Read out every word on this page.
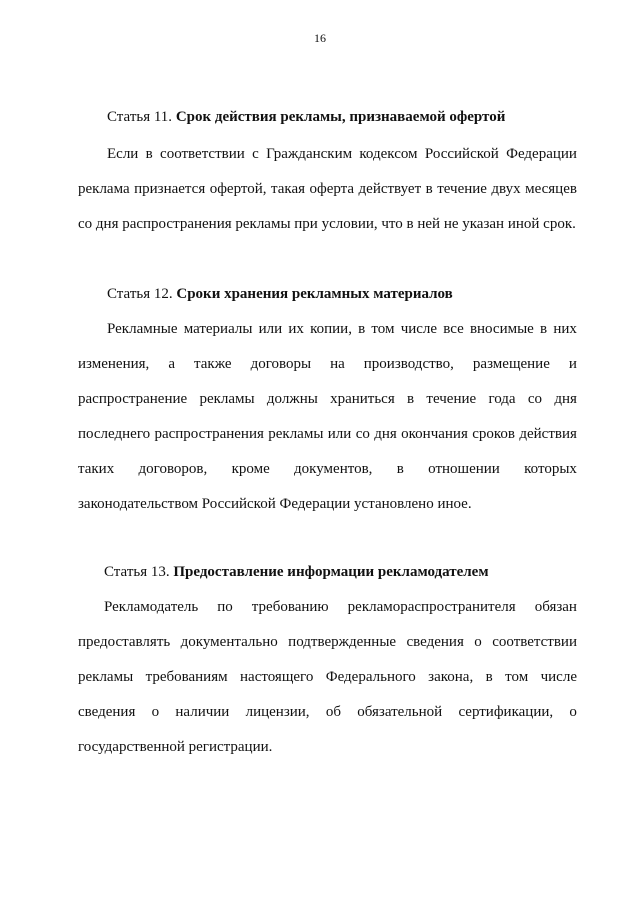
16
Статья 11. Срок действия рекламы, признаваемой офертой
Если в соответствии с Гражданским кодексом Российской Федерации
реклама признается офертой, такая оферта действует в течение двух месяцев
со дня распространения рекламы при условии, что в ней не указан иной срок.
Статья 12. Сроки хранения рекламных материалов
Рекламные материалы или их копии, в том числе все вносимые в них
изменения, а также договоры на производство, размещение и
распространение рекламы должны храниться в течение года со дня
последнего распространения рекламы или со дня окончания сроков действия
таких договоров, кроме документов, в отношении которых
законодательством Российской Федерации установлено иное.
Статья 13. Предоставление информации рекламодателем
Рекламодатель по требованию рекламораспространителя обязан
предоставлять документально подтвержденные сведения о соответствии
рекламы требованиям настоящего Федерального закона, в том числе
сведения о наличии лицензии, об обязательной сертификации, о
государственной регистрации.
